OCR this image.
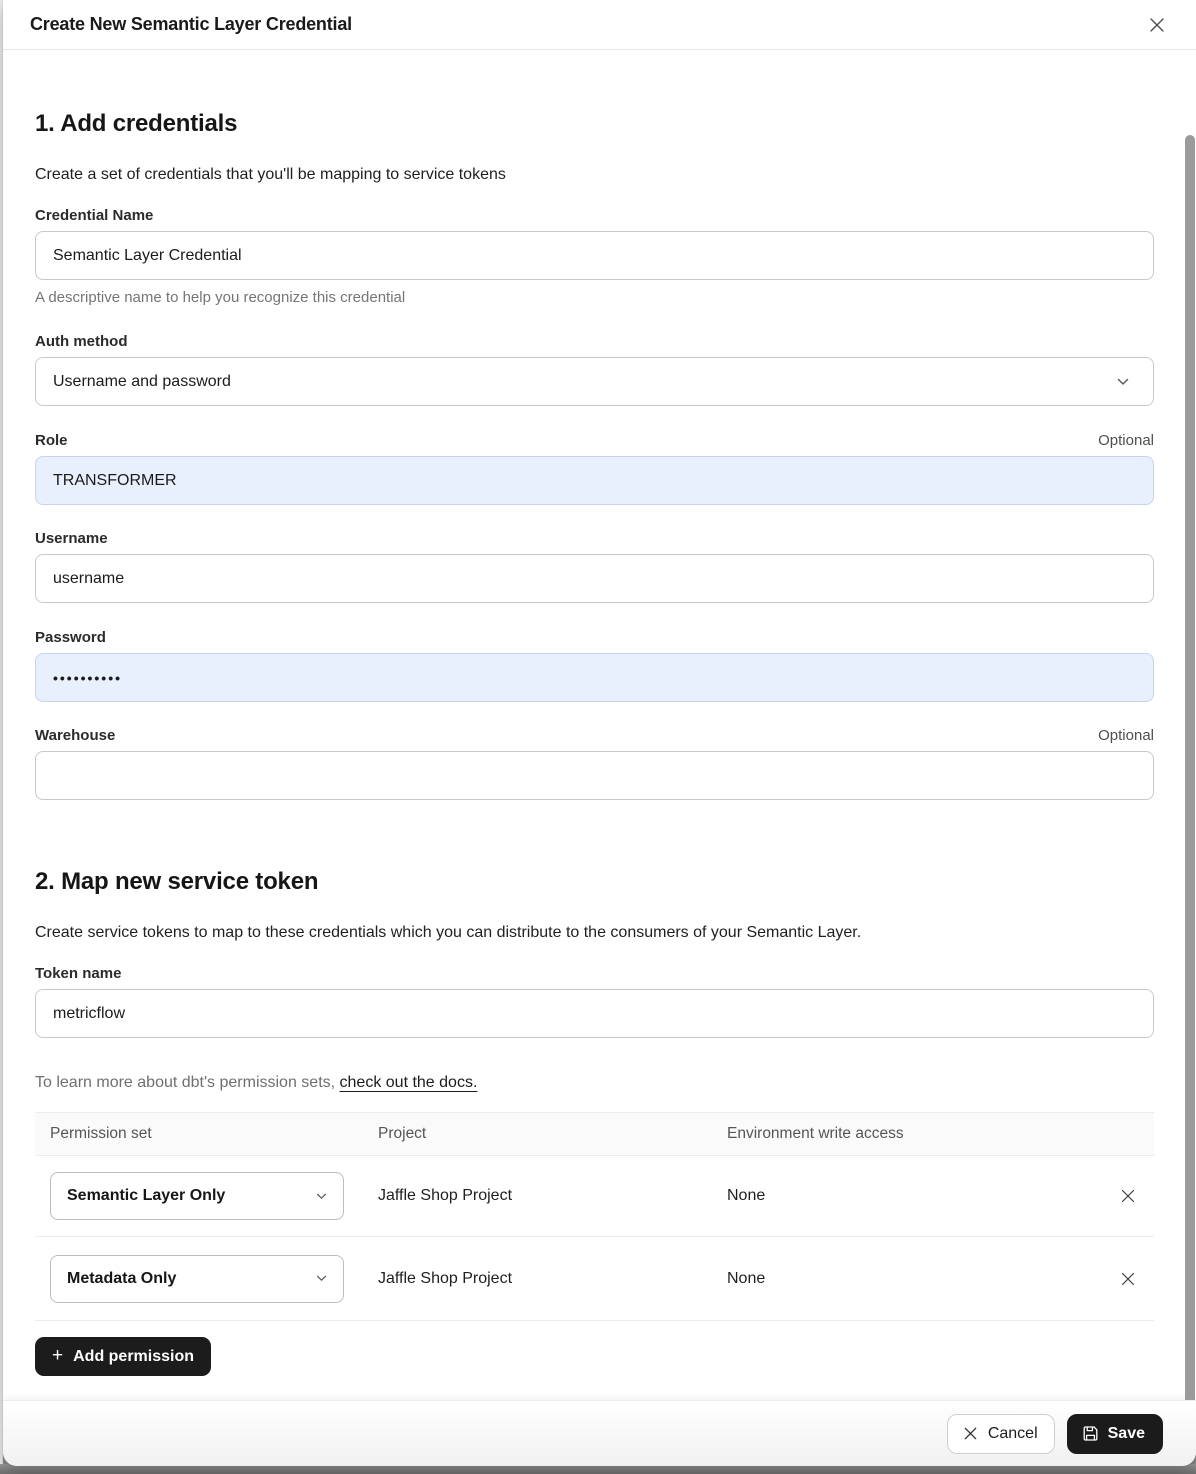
Create New Semantic Layer Credential
1. Add credentials

Create a set of credentials that you'll be mapping to service tokens

Credential Name
Semantic Layer Credential
A descriptive name to help you recognize this credential
Auth method
Username and password
Role	Optional
TRANSFORMER
Username
username
Password
••••••••••
Warehouse	Optional
2. Map new service token

Create service tokens to map to these credentials which you can distribute to the consumers of your Semantic Layer.

Token name
metricflow
To learn more about dbt's permission sets, check out the docs.
Permission set	Project	Environment write access
Semantic Layer Only	Jaffle Shop Project	None
Metadata Only	Jaffle Shop Project	None
+ Add permission
Cancel	Save
